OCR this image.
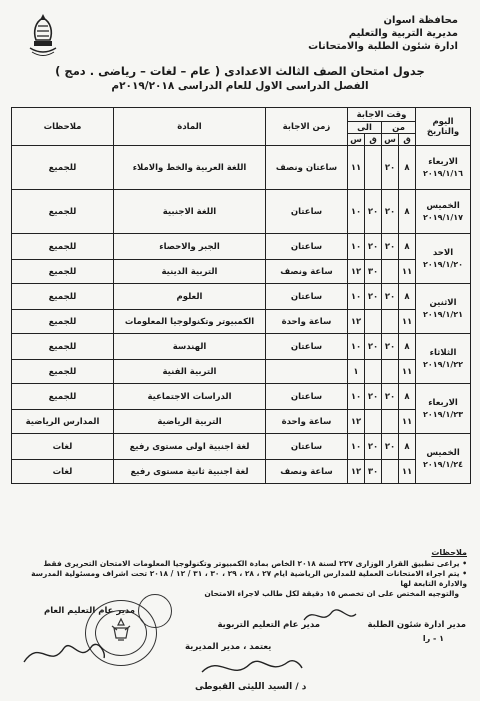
محافظة اسوان
مديرية التربية والتعليم
ادارة شئون الطلبة والامتحانات
جدول امتحان الصف الثالث الاعدادى ( عام – لغات – رياضى . دمج )
الفصل الدراسى الاول للعام الدراسى ٢٠١٩/٢٠١٨م
اليوم والتاريخ	وقت الاجابة				زمن الاجابة	المادة	ملاحظات
	من		الى				
	ق	س	ق	س			
الاربعاء
٢٠١٩/١/١٦	٨	٢٠		١١	ساعتان ونصف	اللغة العربية والخط والاملاء	للجميع
الخميس
٢٠١٩/١/١٧	٨	٢٠	٢٠	١٠	ساعتان	اللغة الاجنبية	للجميع
الاحد
٢٠١٩/١/٢٠	٨	٢٠	٢٠	١٠	ساعتان	الجبر والاحصاء	للجميع
	١١		٣٠	١٢	ساعة ونصف	التربية الدينية	للجميع
الاثنين
٢٠١٩/١/٢١	٨	٢٠	٢٠	١٠	ساعتان	العلوم	للجميع
	١١			١٢	ساعة واحدة	الكمبيوتر وتكنولوجيا المعلومات	للجميع
الثلاثاء
٢٠١٩/١/٢٢	٨	٢٠	٢٠	١٠	ساعتان	الهندسة	للجميع
	١١			١		التربية الفنية	للجميع
الاربعاء
٢٠١٩/١/٢٣	٨	٢٠	٢٠	١٠	ساعتان	الدراسات الاجتماعية	للجميع
	١١			١٢	ساعة واحدة	التربية الرياضية	المدارس الرياضية
الخميس
٢٠١٩/١/٢٤	٨	٢٠	٢٠	١٠	ساعتان	لغة اجنبية اولى مستوى رفيع	لغات
	١١		٣٠	١٢	ساعة ونصف	لغة اجنبية ثانية مستوى رفيع	لغات
ملاحظات
• يراعى تطبيق القرار الوزارى ٢٢٧ لسنة ٢٠١٨ الخاص بمادة الكمبيوتر وتكنولوجيا المعلومات الامتحان التحريرى فقط
• يتم اجراء الامتحانات العملية للمدارس الرياضية ايام ٢٧ ، ٢٨ ، ٢٩ ، ٣٠ ، ٣١ / ١٢ / ٢٠١٨ تحت اشراف ومسئولية المدرسة والادارة التابعة لها
والتوجيه المختص على ان تخصص ١٥ دقيقة لكل طالب لاجراء الامتحان
مدير ادارة شئون الطلبة
١ - را
مدير عام التعليم التربوية
مدير عام التعليم العام
يعتمد ، مدير المديرية
د / السيد الليثى القبوطى
